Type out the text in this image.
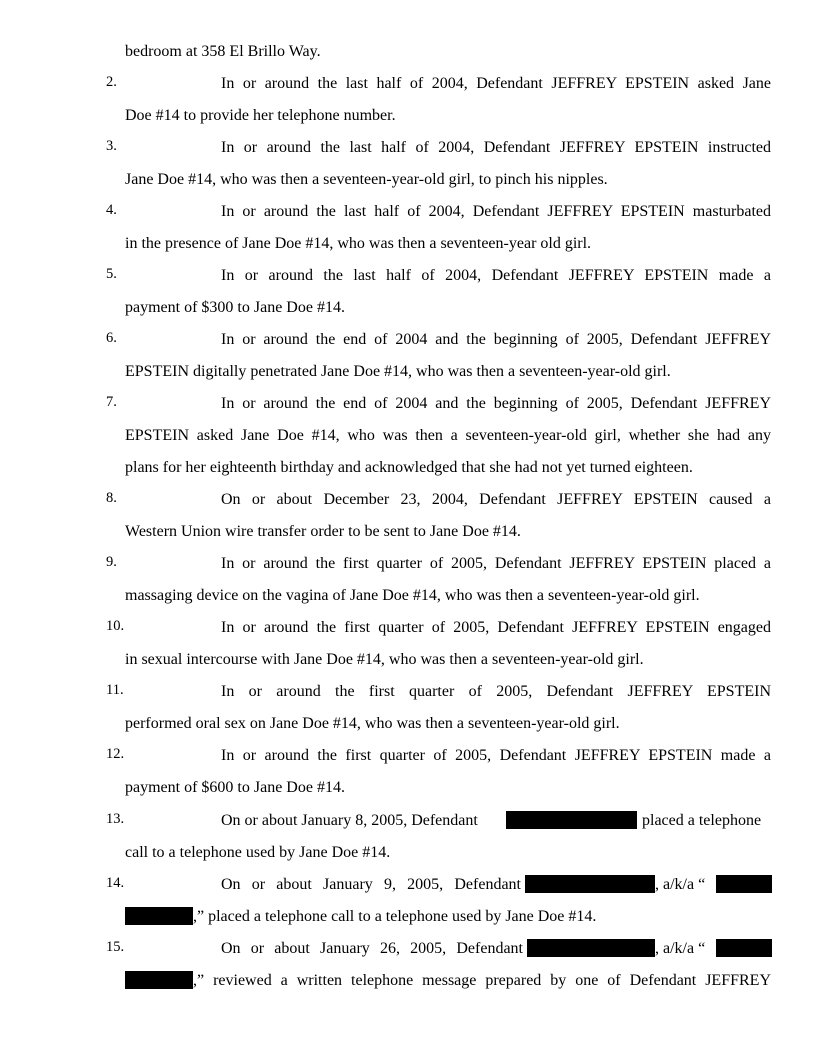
bedroom at 358 El Brillo Way.
2.	In or around the last half of 2004, Defendant JEFFREY EPSTEIN asked Jane
Doe #14 to provide her telephone number.
3.	In or around the last half of 2004, Defendant JEFFREY EPSTEIN instructed
Jane Doe #14, who was then a seventeen-year-old girl, to pinch his nipples.
4.	In or around the last half of 2004, Defendant JEFFREY EPSTEIN masturbated
in the presence of Jane Doe #14, who was then a seventeen-year old girl.
5.	In or around the last half of 2004, Defendant JEFFREY EPSTEIN made a
payment of $300 to Jane Doe #14.
6.	In or around the end of 2004 and the beginning of 2005, Defendant JEFFREY
EPSTEIN digitally penetrated Jane Doe #14, who was then a seventeen-year-old girl.
7.	In or around the end of 2004 and the beginning of 2005, Defendant JEFFREY
EPSTEIN asked Jane Doe #14, who was then a seventeen-year-old girl, whether she had any
plans for her eighteenth birthday and acknowledged that she had not yet turned eighteen.
8.	On or about December 23, 2004, Defendant JEFFREY EPSTEIN caused a
Western Union wire transfer order to be sent to Jane Doe #14.
9.	In or around the first quarter of 2005, Defendant JEFFREY EPSTEIN placed a
massaging device on the vagina of Jane Doe #14, who was then a seventeen-year-old girl.
10.	In or around the first quarter of 2005, Defendant JEFFREY EPSTEIN engaged
in sexual intercourse with Jane Doe #14, who was then a seventeen-year-old girl.
11.	In or around the first quarter of 2005, Defendant JEFFREY EPSTEIN
performed oral sex on Jane Doe #14, who was then a seventeen-year-old girl.
12.	In or around the first quarter of 2005, Defendant JEFFREY EPSTEIN made a
payment of $600 to Jane Doe #14.
13.	On or about January 8, 2005, Defendant	placed a telephone
call to a telephone used by Jane Doe #14.
14.	On or about January 9, 2005, Defendant	, a/k/a “
,” placed a telephone call to a telephone used by Jane Doe #14.
15.	On or about January 26, 2005, Defendant	, a/k/a “
,” reviewed a written telephone message prepared by one of Defendant JEFFREY
